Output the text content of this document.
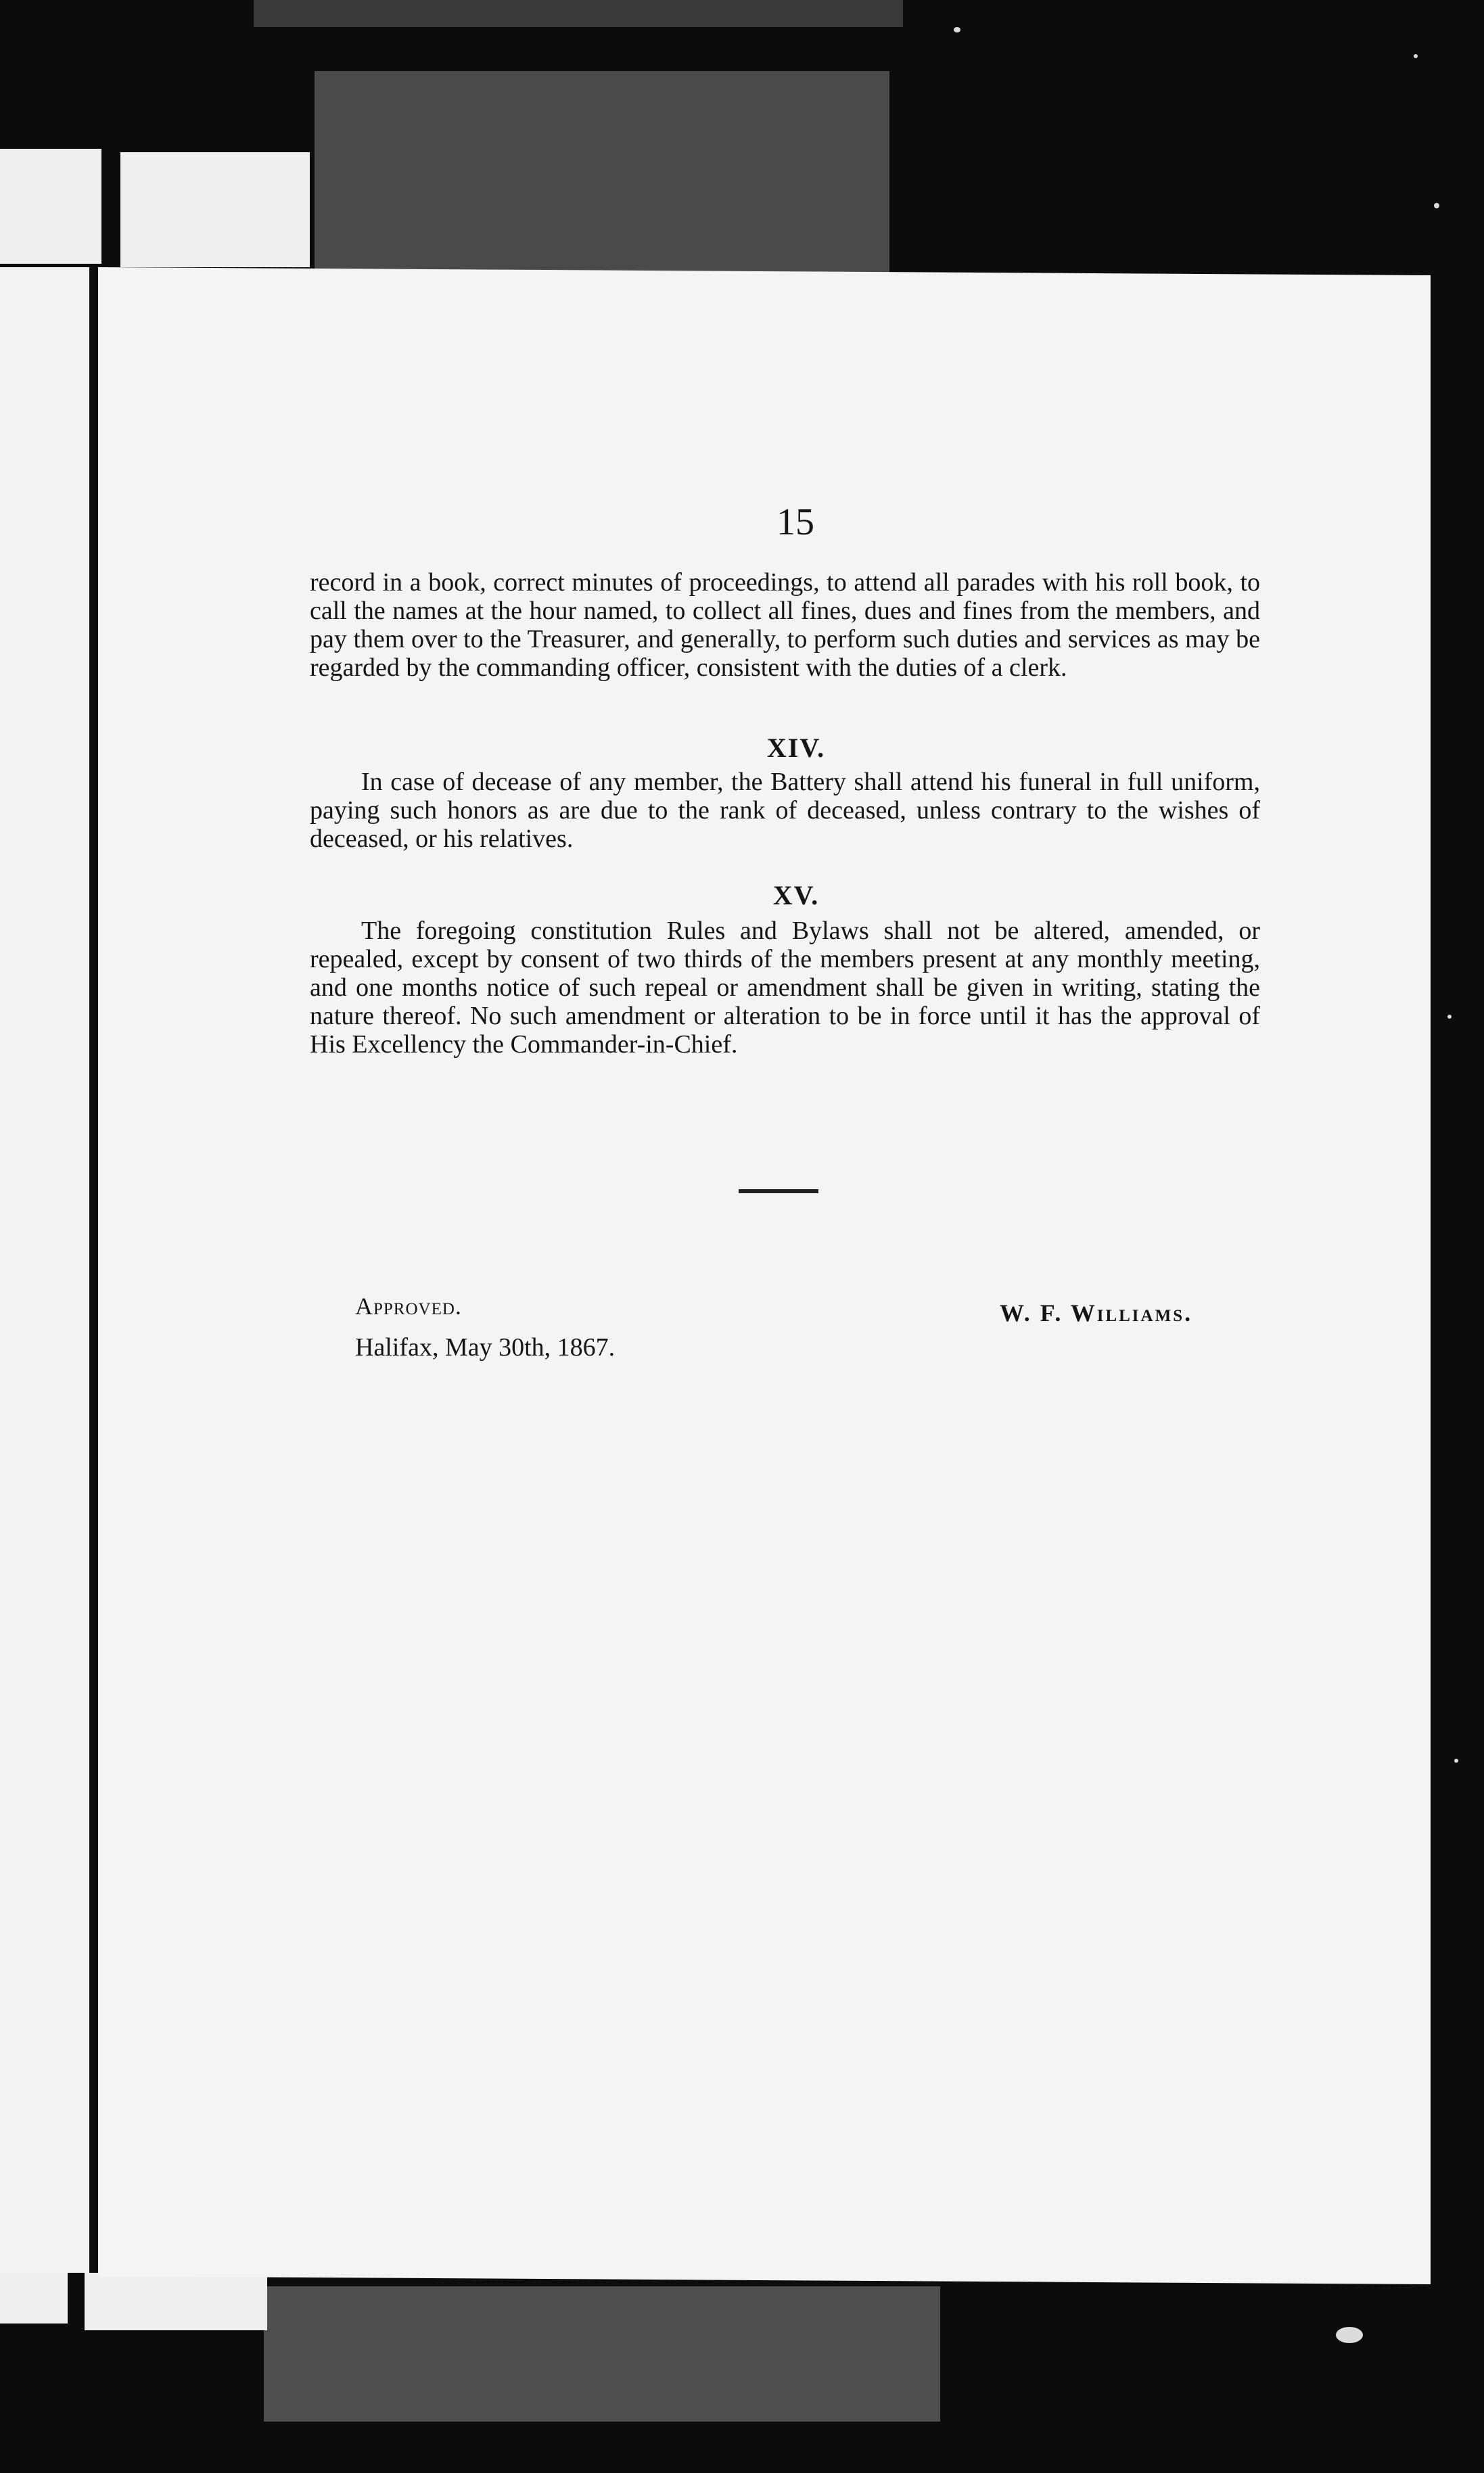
15
record in a book, correct minutes of proceedings, to attend all parades with his roll book, to call the names at the hour named, to collect all fines, dues and fines from the members, and pay them over to the Treasurer, and generally, to perform such duties and services as may be regarded by the commanding officer, consistent with the duties of a clerk.
XIV.
In case of decease of any member, the Battery shall attend his funeral in full uniform, paying such honors as are due to the rank of deceased, unless contrary to the wishes of deceased, or his relatives.
XV.
The foregoing constitution Rules and Bylaws shall not be altered, amended, or repealed, except by consent of two thirds of the members present at any monthly meeting, and one months notice of such repeal or amendment shall be given in writing, stating the nature thereof. No such amendment or alteration to be in force until it has the approval of His Excellency the Commander-in-Chief.
Approved.
Halifax, May 30th, 1867.
W. F. Williams.
